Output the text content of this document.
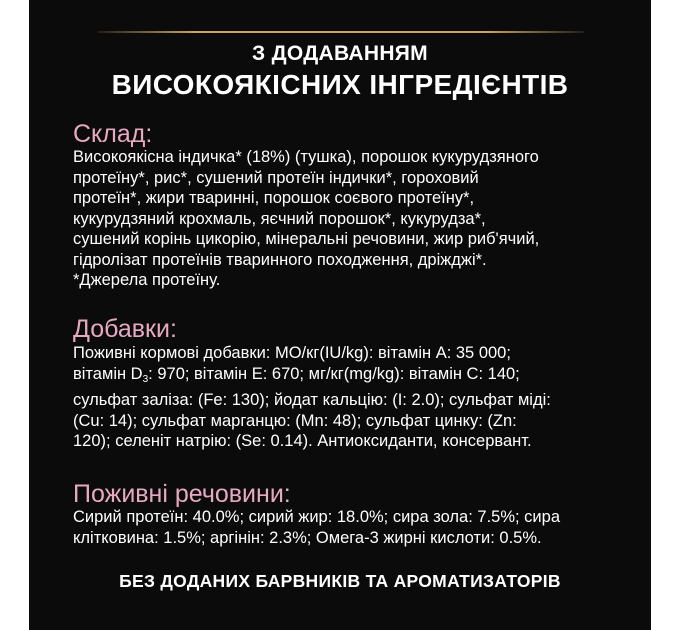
З ДОДАВАННЯМ
ВИСОКОЯКІСНИХ ІНГРЕДІЄНТІВ
Склад:
Високоякісна індичка* (18%) (тушка), порошок кукурудзяного
протеїну*, рис*, сушений протеїн індички*, гороховий
протеїн*, жири тваринні, порошок соєвого протеїну*,
кукурудзяний крохмаль, яєчний порошок*, кукурудза*,
сушений корінь цикорію, мінеральні речовини, жир риб'ячий,
гідролізат протеїнів тваринного походження, дріжджі*.
*Джерела протеїну.
Добавки:
Поживні кормові добавки: МО/кг(IU/kg): вітамін А: 35 000;
вітамін $D_3$: 970; вітамін Е: 670; мг/кг(mg/kg): вітамін С: 140;
сульфат заліза: (Fe: 130); йодат кальцію: (I: 2.0); сульфат міді:
(Cu: 14); сульфат марганцю: (Mn: 48); сульфат цинку: (Zn:
120); селеніт натрію: (Se: 0.14). Антиоксиданти, консервант.
Поживні речовини:
Сирий протеїн: 40.0%; сирий жир: 18.0%; сира зола: 7.5%; сира
клітковина: 1.5%; аргінін: 2.3%; Омега-3 жирні кислоти: 0.5%.
БЕЗ ДОДАНИХ БАРВНИКІВ ТА АРОМАТИЗАТОРІВ
